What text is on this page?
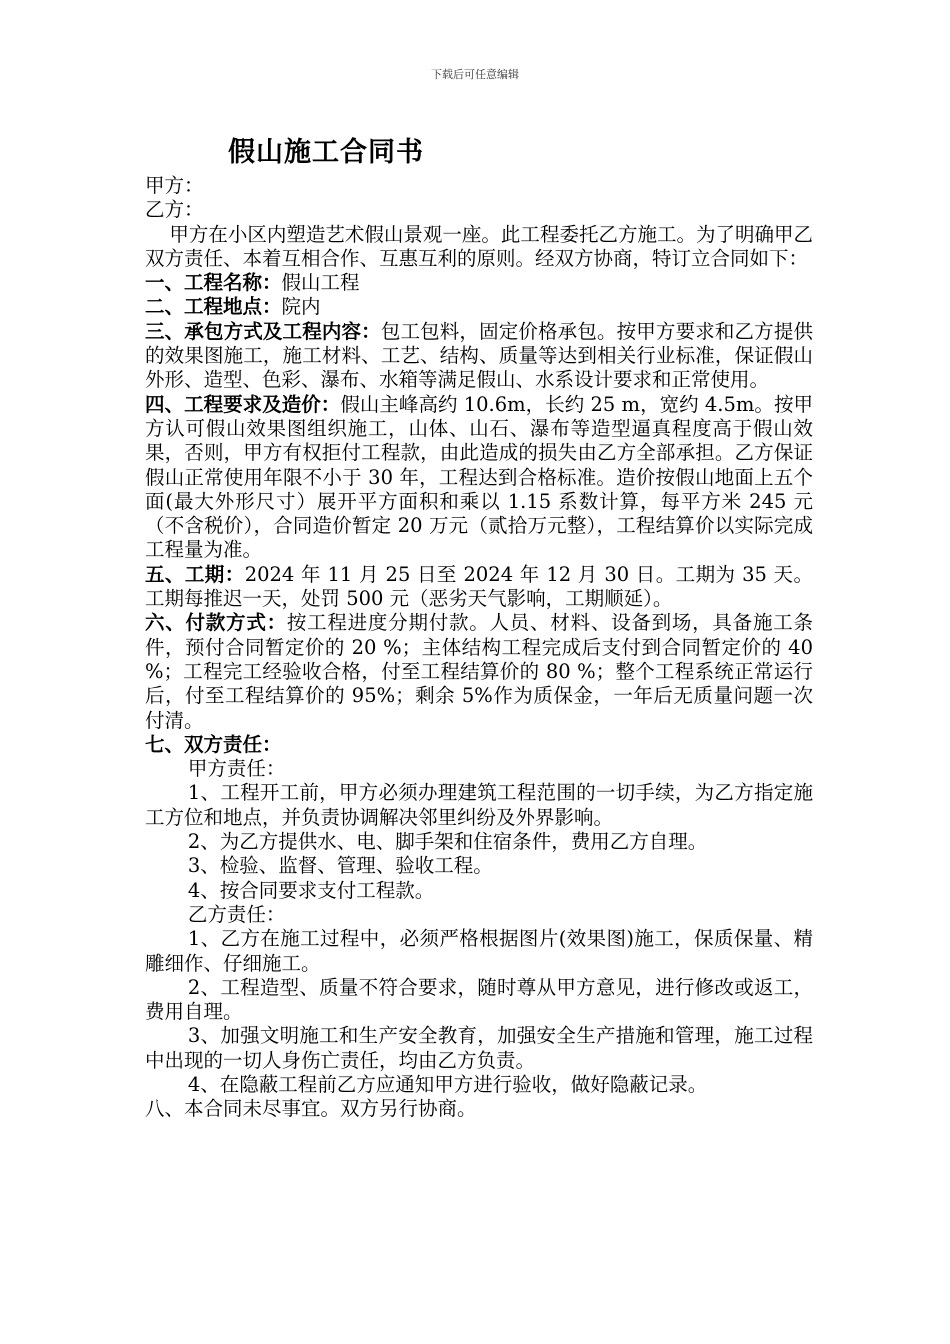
下载后可任意编辑
假山施工合同书

甲方：

乙方：

甲方在小区内塑造艺术假山景观一座。此工程委托乙方施工。为了明确甲乙双方责任、本着互相合作、互惠互利的原则。经双方协商，特订立合同如下：

一、工程名称：假山工程

二、工程地点：院内

三、承包方式及工程内容：包工包料，固定价格承包。按甲方要求和乙方提供的效果图施工，施工材料、工艺、结构、质量等达到相关行业标准，保证假山外形、造型、色彩、瀑布、水箱等满足假山、水系设计要求和正常使用。

四、工程要求及造价：假山主峰高约 10.6m，长约 25 m，宽约 4.5m。按甲方认可假山效果图组织施工，山体、山石、瀑布等造型逼真程度高于假山效果，否则，甲方有权拒付工程款，由此造成的损失由乙方全部承担。乙方保证假山正常使用年限不小于 30 年，工程达到合格标准。造价按假山地面上五个面(最大外形尺寸）展开平方面积和乘以 1.15 系数计算，每平方米 245 元（不含税价），合同造价暂定 20 万元（贰拾万元整），工程结算价以实际完成工程量为准。

五、工期：2024 年 11 月 25 日至 2024 年 12 月 30 日。工期为 35 天。工期每推迟一天，处罚 500 元（恶劣天气影响，工期顺延）。

六、付款方式：按工程进度分期付款。人员、材料、设备到场，具备施工条件，预付合同暂定价的 20 %；主体结构工程完成后支付到合同暂定价的 40 %；工程完工经验收合格，付至工程结算价的 80 %；整个工程系统正常运行后，付至工程结算价的 95%；剩余 5%作为质保金，一年后无质量问题一次付清。

七、双方责任：

甲方责任：

1、工程开工前，甲方必须办理建筑工程范围的一切手续，为乙方指定施工方位和地点，并负责协调解决邻里纠纷及外界影响。

2、为乙方提供水、电、脚手架和住宿条件，费用乙方自理。

3、检验、监督、管理、验收工程。

4、按合同要求支付工程款。

乙方责任：

1、乙方在施工过程中，必须严格根据图片(效果图)施工，保质保量、精雕细作、仔细施工。

2、工程造型、质量不符合要求，随时尊从甲方意见，进行修改或返工，费用自理。

3、加强文明施工和生产安全教育，加强安全生产措施和管理，施工过程中出现的一切人身伤亡责任，均由乙方负责。

4、在隐蔽工程前乙方应通知甲方进行验收，做好隐蔽记录。

八、本合同未尽事宜。双方另行协商。
